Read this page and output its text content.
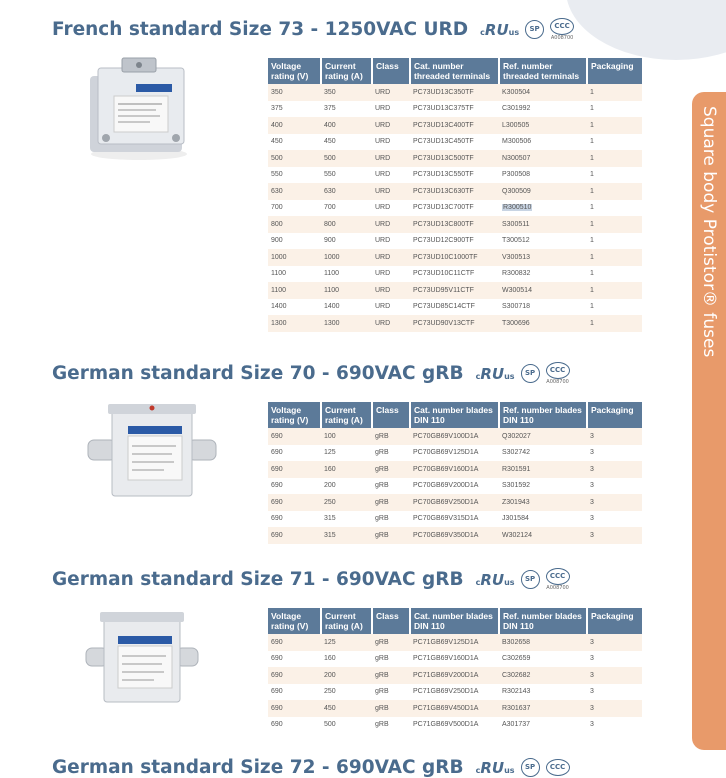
Square body Protistor® fuses
French standard Size 73 - 1250VAC URD cRUus	SP	CCC
A008700
Voltage rating (V)	Current rating (A)	Class	Cat. number threaded terminals	Ref. number threaded terminals	Packaging
350	350	URD	PC73UD13C350TF	K300504	1
375	375	URD	PC73UD13C375TF	C301992	1
400	400	URD	PC73UD13C400TF	L300505	1
450	450	URD	PC73UD13C450TF	M300506	1
500	500	URD	PC73UD13C500TF	N300507	1
550	550	URD	PC73UD13C550TF	P300508	1
630	630	URD	PC73UD13C630TF	Q300509	1
700	700	URD	PC73UD13C700TF	R300510	1
800	800	URD	PC73UD13C800TF	S300511	1
900	900	URD	PC73UD12C900TF	T300512	1
1000	1000	URD	PC73UD10C1000TF	V300513	1
1100	1100	URD	PC73UD10C11CTF	R300832	1
1100	1100	URD	PC73UD95V11CTF	W300514	1
1400	1400	URD	PC73UD85C14CTF	S300718	1
1300	1300	URD	PC73UD90V13CTF	T300696	1
German standard Size 70 - 690VAC gRB cRUus	SP	CCC
A008700
Voltage rating (V)	Current rating (A)	Class	Cat. number blades DIN 110	Ref. number blades DIN 110	Packaging
690	100	gRB	PC70GB69V100D1A	Q302027	3
690	125	gRB	PC70GB69V125D1A	S302742	3
690	160	gRB	PC70GB69V160D1A	R301591	3
690	200	gRB	PC70GB69V200D1A	S301592	3
690	250	gRB	PC70GB69V250D1A	Z301943	3
690	315	gRB	PC70GB69V315D1A	J301584	3
690	315	gRB	PC70GB69V350D1A	W302124	3
German standard Size 71 - 690VAC gRB cRUus	SP	CCC
A008700
Voltage rating (V)	Current rating (A)	Class	Cat. number blades DIN 110	Ref. number blades DIN 110	Packaging
690	125	gRB	PC71GB69V125D1A	B302658	3
690	160	gRB	PC71GB69V160D1A	C302659	3
690	200	gRB	PC71GB69V200D1A	C302682	3
690	250	gRB	PC71GB69V250D1A	R302143	3
690	450	gRB	PC71GB69V450D1A	R301637	3
690	500	gRB	PC71GB69V500D1A	A301737	3
German standard Size 72 - 690VAC gRB cRUus	SP	CCC
